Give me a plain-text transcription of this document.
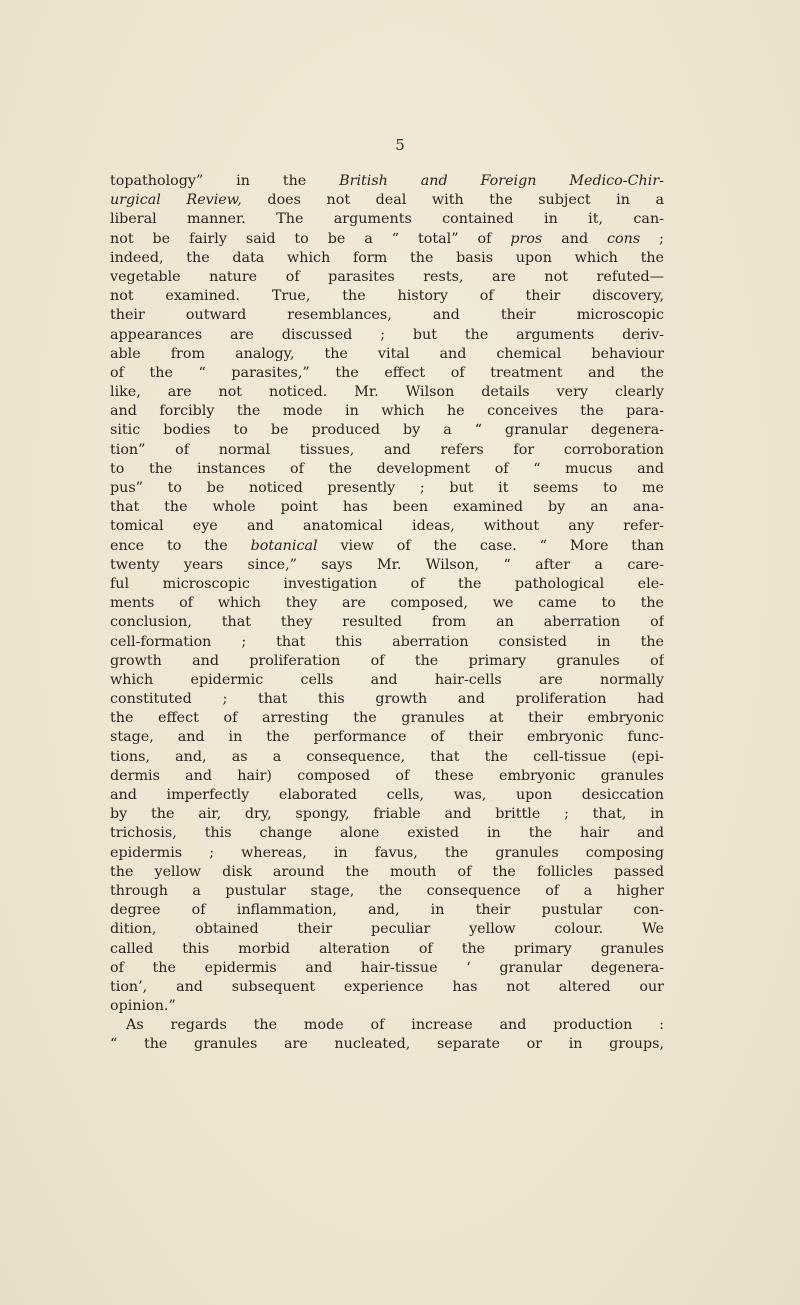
5
topathology” in the British and Foreign Medico-Chir-
urgical Review, does not deal with the subject in a
liberal manner. The arguments contained in it, can-
not be fairly said to be a “ total” of pros and cons ;
indeed, the data which form the basis upon which the
vegetable nature of parasites rests, are not refuted—
not examined. True, the history of their discovery,
their outward resemblances, and their microscopic
appearances are discussed ; but the arguments deriv-
able from analogy, the vital and chemical behaviour
of the “ parasites,” the effect of treatment and the
like, are not noticed. Mr. Wilson details very clearly
and forcibly the mode in which he conceives the para-
sitic bodies to be produced by a “ granular degenera-
tion” of normal tissues, and refers for corroboration
to the instances of the development of “ mucus and
pus” to be noticed presently ; but it seems to me
that the whole point has been examined by an ana-
tomical eye and anatomical ideas, without any refer-
ence to the botanical view of the case. “ More than
twenty years since,” says Mr. Wilson, “ after a care-
ful microscopic investigation of the pathological ele-
ments of which they are composed, we came to the
conclusion, that they resulted from an aberration of
cell-formation ; that this aberration consisted in the
growth and proliferation of the primary granules of
which epidermic cells and hair-cells are normally
constituted ; that this growth and proliferation had
the effect of arresting the granules at their embryonic
stage, and in the performance of their embryonic func-
tions, and, as a consequence, that the cell-tissue (epi-
dermis and hair) composed of these embryonic granules
and imperfectly elaborated cells, was, upon desiccation
by the air, dry, spongy, friable and brittle ; that, in
trichosis, this change alone existed in the hair and
epidermis ; whereas, in favus, the granules composing
the yellow disk around the mouth of the follicles passed
through a pustular stage, the consequence of a higher
degree of inflammation, and, in their pustular con-
dition, obtained their peculiar yellow colour. We
called this morbid alteration of the primary granules
of the epidermis and hair-tissue ‘ granular degenera-
tion’, and subsequent experience has not altered our
opinion.”
As regards the mode of increase and production :
“ the granules are nucleated, separate or in groups,
